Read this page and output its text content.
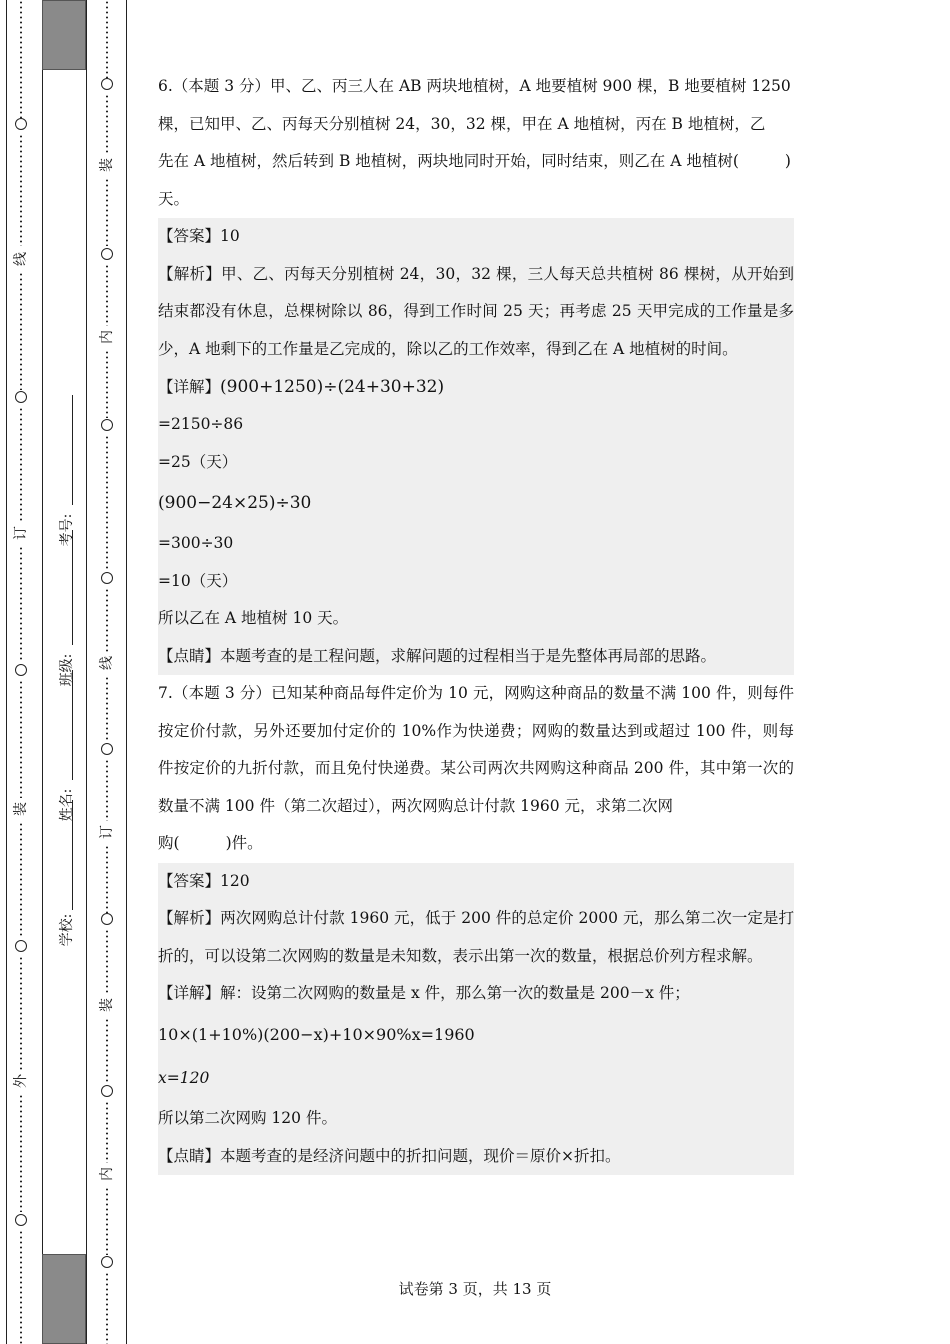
线
订
装
外
学校:
姓名:
班级:
考号:
装
内
线
订
装
内

6.（本题 3 分）甲、乙、丙三人在 AB 两块地植树，A 地要植树 900 棵，B 地要植树 1250
棵，已知甲、乙、丙每天分别植树 24，30，32 棵，甲在 A 地植树，丙在 B 地植树，乙
先在 A 地植树，然后转到 B 地植树，两块地同时开始，同时结束，则乙在 A 地植树(	)
天。

【答案】10

【解析】甲、乙、丙每天分别植树 24，30，32 棵，三人每天总共植树 86 棵树，从开始到结束都没有休息，总棵树除以 86，得到工作时间 25 天；再考虑 25 天甲完成的工作量是多少，A 地剩下的工作量是乙完成的，除以乙的工作效率，得到乙在 A 地植树的时间。

【详解】(900+1250)÷(24+30+32)

=2150÷86

=25（天）

(900−24×25)÷30

=300÷30

=10（天）

所以乙在 A 地植树 10 天。

【点睛】本题考查的是工程问题，求解问题的过程相当于是先整体再局部的思路。

7.（本题 3 分）已知某种商品每件定价为 10 元，网购这种商品的数量不满 100 件，则每件按定价付款，另外还要加付定价的 10%作为快递费；网购的数量达到或超过 100 件，则每件按定价的九折付款，而且免付快递费。某公司两次共网购这种商品 200 件，其中第一次的数量不满 100 件（第二次超过），两次网购总计付款 1960 元，求第二次网
购(	)件。

【答案】120

【解析】两次网购总计付款 1960 元，低于 200 件的总定价 2000 元，那么第二次一定是打折的，可以设第二次网购的数量是未知数，表示出第一次的数量，根据总价列方程求解。

【详解】解：设第二次网购的数量是 x 件，那么第一次的数量是 200－x 件；

10×(1+10%)(200−x)+10×90%x=1960

x=120

所以第二次网购 120 件。

【点睛】本题考查的是经济问题中的折扣问题，现价＝原价×折扣。

试卷第 3 页，共 13 页
